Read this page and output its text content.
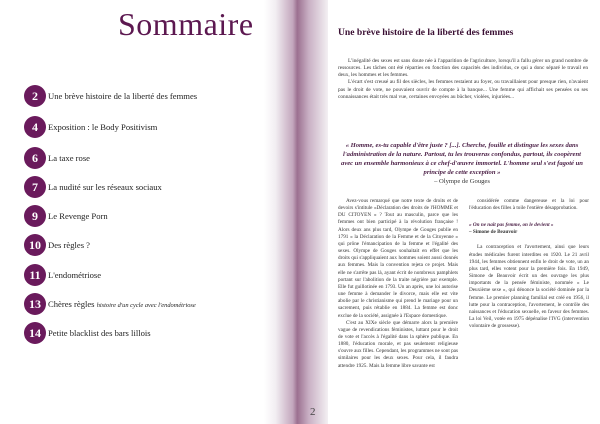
Sommaire
2	Une brève histoire de la liberté des femmes
4	Exposition : le Body Positivism
6	La taxe rose
7	La nudité sur les réseaux sociaux
9	Le Revenge Porn
10 Des règles ?
11 L'endométriose
13 Chères règles histoire d'un cycle avec l'endométriose
14 Petite blacklist des bars lillois
Une brève histoire de la liberté des femmes

L'inégalité des sexes est sans doute née à l'apparition de l'agriculture, lorsqu'il a fallu gérer un grand nombre de ressources. Les tâches ont été réparties en fonction des capacités des individus, ce qui a donc séparé le travail en deux, les hommes et les femmes.

L'écart s'est creusé au fil des siècles, les femmes restaient au foyer, ou travaillaient pour presque rien, n'avaient pas le droit de vote, ne pouvaient ouvrir de compte à la banque... Une femme qui affichait ses pensées ou ses connaissances était très mal vue, certaines envoyées au bûcher, violées, injuriées...

« Homme, es-tu capable d'être juste ? [...]. Cherche, fouille et distingue les sexes dans l'administration de la nature. Partout, tu les trouveras confondus, partout, ils coopèrent avec un ensemble harmonieux à ce chef-d'œuvre immortel. L'homme seul s'est fagoté un principe de cette exception »
– Olympe de Gouges

Avez-vous remarqué que notre texte de droits et de devoirs s'intitule «Déclaration des droits de l'HOMME et DU CITOYEN » ? Tout au masculin, parce que les femmes ont bien participé à la révolution française ! Alors deux ans plus tard, Olympe de Gouges publie en 1791 « la Déclaration de la Femme et de la Citoyenne » qui prône l'émancipation de la femme et l'égalité des sexes. Olympe de Gouges souhaitait en effet que les droits qui s'appliquaient aux hommes soient aussi donnés aux femmes. Mais la convention rejeta ce projet. Mais elle ne s'arrête pas là, ayant écrit de nombreux pamphlets portant sur l'abolition de la traite négrière par exemple. Elle fut guillotinée en 1793. Un an après, une loi autorise une femme à demander le divorce, mais elle est vite abolie par le christianisme qui prend le mariage pour un sacrement, puis rétablie en 1884. La femme est donc exclue de la société, assignée à l'Espace domestique.

C'est au XIXe siècle que démarre alors la première vague de revendications féministes, luttant pour le droit de vote et l'accès à l'égalité dans la sphère publique. En 1880, l'éducation morale, et pas seulement religieuse s'ouvre aux filles. Cependant, les programmes ne sont pas similaires pour les deux sexes. Pour cela, il faudra attendre 1925. Mais la femme libre savante est

considérée comme dangereuse et la loi pour l'éducation des filles à toile l'entière désapprobation.

« On ne naît pas femme, on le devient »
– Simone de Beauvoir

La contraception et l'avortement, ainsi que leurs études médicales furent interdites en 1920. Le 21 avril 1944, les femmes obtiennent enfin le droit de vote, un an plus tard, elles votent pour la première fois. En 1949, Simone de Beauvoir écrit un des ouvrage les plus importants de la pensée féministe, nommée « Le Deuxième sexe », qui dénonce la société dominée par la femme. Le premier planning familial est créé en 1956, il lutte pour la contraception, l'avortement, le contrôle des naissances et l'éducation sexuelle, en faveur des femmes. La loi Veil, votée en 1975 dépénalise l'IVG (intervention volontaire de grossesse).

2
